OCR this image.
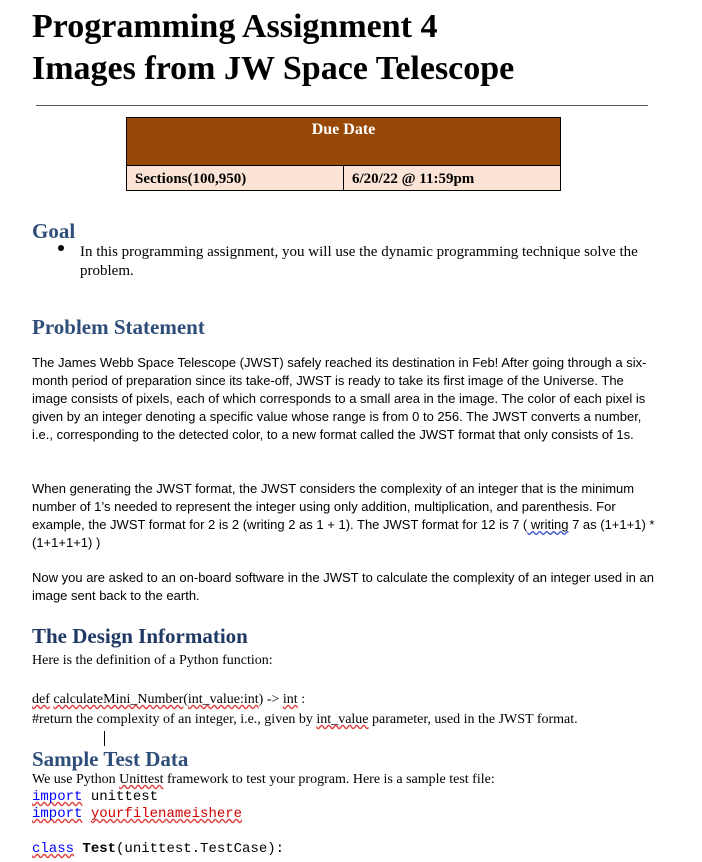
Programming Assignment 4
Images from JW Space Telescope
Due Date
Sections(100,950)	6/20/22 @ 11:59pm
Goal
In this programming assignment, you will use the dynamic programming technique solve the problem.
Problem Statement
The James Webb Space Telescope (JWST) safely reached its destination in Feb! After going through a six-month period of preparation since its take-off, JWST is ready to take its first image of the Universe. The image consists of pixels, each of which corresponds to a small area in the image. The color of each pixel is given by an integer denoting a specific value whose range is from 0 to 256. The JWST converts a number, i.e., corresponding to the detected color, to a new format called the JWST format that only consists of 1s.
When generating the JWST format, the JWST considers the complexity of an integer that is the minimum number of 1’s needed to represent the integer using only addition, multiplication, and parenthesis. For example, the JWST format for 2 is 2 (writing 2 as 1 + 1). The JWST format for 12 is 7 ( writing 7 as (1+1+1) * (1+1+1+1) )
Now you are asked to an on-board software in the JWST to calculate the complexity of an integer used in an image sent back to the earth.
The Design Information
Here is the definition of a Python function:
def calculateMini_Number(int_value:int) -> int :
#return the complexity of an integer, i.e., given by int_value parameter, used in the JWST format.
Sample Test Data
We use Python Unittest framework to test your program. Here is a sample test file:
import unittest
import yourfilenameishere
class Test(unittest.TestCase):
